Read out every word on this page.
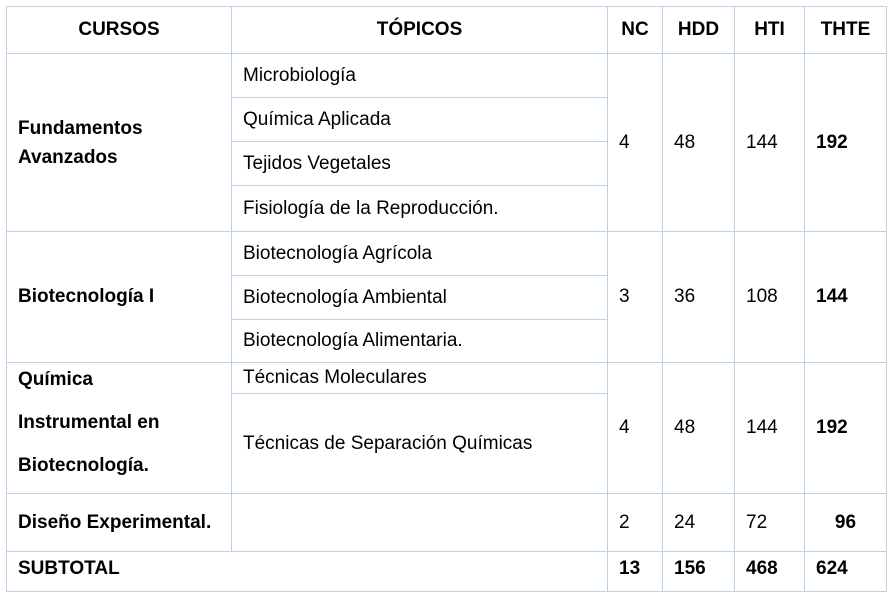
CURSOS	TÓPICOS	NC	HDD	HTI	THTE
Fundamentos Avanzados	Microbiología	4	48	144	192
	Química Aplicada				
	Tejidos Vegetales				
	Fisiología de la Reproducción.				
Biotecnología I	Biotecnología Agrícola	3	36	108	144
	Biotecnología Ambiental				
	Biotecnología Alimentaria.				

Química
Instrumental en
Biotecnología.	Técnicas Moleculares	4	48	144	192
	Técnicas de Separación Químicas				
Diseño Experimental.		2	24	72	96
SUBTOTAL		13	156	468	624
